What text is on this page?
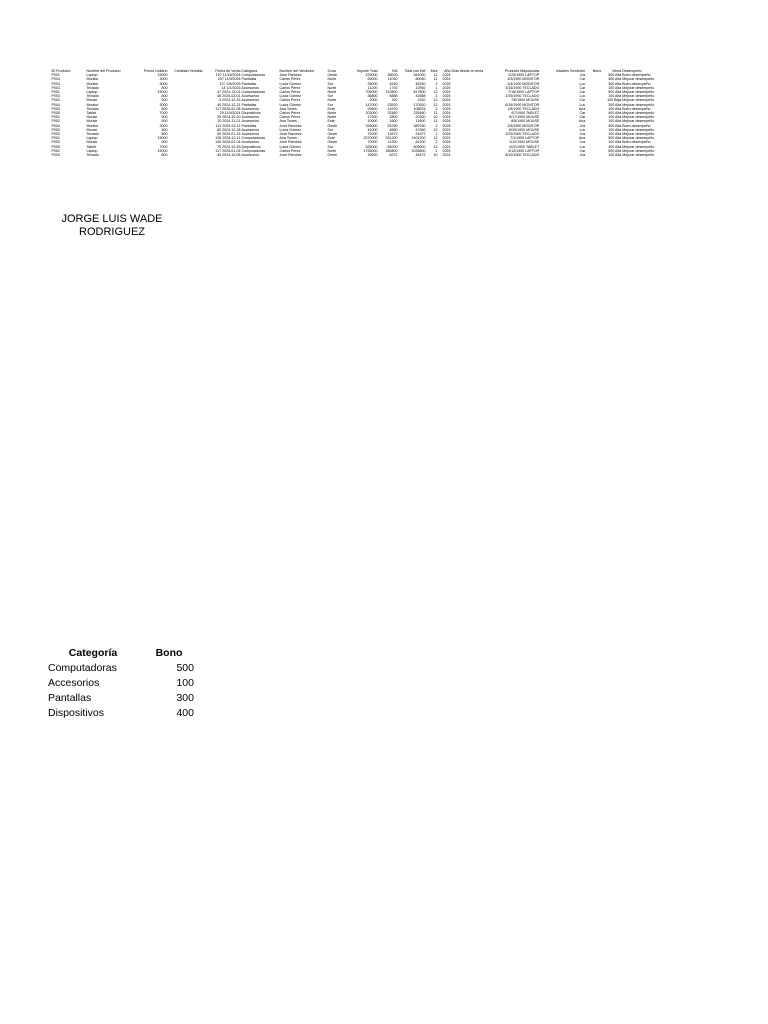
ID Producto	Nombre del Producto	Precio Unitario	Cantidad Vendida	Fecha de Venta	Categoría	Nombre del Vendedor	Zona	Importe Total	IVA	Total con IVA	Mes	Año	Días desde la venta	Producto Mayúsculas	Iniciales Vendedor	Bono	Venta	Desempeño
P001	Laptop	15000		15? 11/15/2024	Computadoras	José Ramírez	Oeste	225000	36000	261000	11	2024		2/25/1900 LAPTOP	Jos		500 Alta	Buen desempeño
P004	Monitor	3000		23? 11/9/2024	Pantallas	Carlos Pérez	Norte	69000	11040	80040	11	2024		4/3/1900 MONITOR	Car		300 Alta	Mejorar desempeño
P004	Monitor	3000		13? 2/8/2025	Pantallas	Lucía Gómez	Sur	39000	6240	45240	2	2025		1/4/1900 MONITOR	Luc		300 Alta	Buen desempeño
P003	Teclado	800		14 1/1/2025	Accesorios	Carlos Pérez	Norte	11200	1792	12992	1	2025		4/15/1900 TECLADO	Car		100 Alta	Mejorar desempeño
P001	Laptop	15000		47 2024-12-01	Computadoras	Carlos Pérez	Norte	705000	112800	817800	12	2024		7/16/1900 LAPTOP	Car		500 Alta	Mejorar desempeño
P003	Teclado	800		46 2025-02-01	Accesorios	Lucía Gómez	Sur	36800	5888	42688	2	2025		1/15/1900 TECLADO	Luc		100 Alta	Mejorar desempeño
P002	Mouse	500		4 2024-12-15	Accesorios	Carlos Pérez	Norte	2000	320	2320	12	2024		7/6/1900 MOUSE	Car		100 Baja	Mejorar desempeño
P004	Monitor	3000		49 2024-12-21	Pantallas	Lucía Gómez	Sur	147000	23520	170520	12	2024		6/16/1900 MONITOR	Luc		300 Alta	Mejorar desempeño
P003	Teclado	800		117 2025-02-08	Accesorios	Ana Torres	Este	93600	14976	108576	2	2025		1/8/1900 TECLADO	Ana		100 Alta	Buen desempeño
P005	Tablet	7000		29 11/9/2024	Dispositivos	Carlos Pérez	Norte	203000	32480	235480	11	2024		4/7/1900 TABLET	Car		400 Alta	Mejorar desempeño
P002	Mouse	500		35 2024-10-20	Accesorios	Carlos Pérez	Norte	17500	2800	20300	10	2024		8/17/1900 MOUSE	Car		100 Alta	Mejorar desempeño
P002	Mouse	500		20 2024-11-21	Accesorios	Ana Torres	Este	10000	1600	11600	11	2024		8/5/1900 MOUSE	Ana		100 Alta	Mejorar desempeño
P004	Monitor	3000		112 2025-02-11	Pantallas	José Ramírez	Oeste	336000	53760	389760	2	2025		1/5/1900 MONITOR	Jos		300 Alta	Buen desempeño
P002	Mouse	500		82 2024-12-28	Accesorios	Lucía Gómez	Sur	41000	6560	47560	12	2024		8/29/1900 MOUSE	Luc		100 Alta	Mejorar desempeño
P003	Teclado	800		99 2025-01-16	Accesorios	José Ramírez	Oeste	79200	12672	91872	1	2025		1/29/1900 TECLADO	Jos		100 Alta	Mejorar desempeño
P001	Laptop	15000		138 2024-12-11	Computadoras	Ana Torres	Este	2070000	331200	2401200	12	2024		7/1/1900 LAPTOP	Ana		500 Alta	Mejorar desempeño
P002	Mouse	500		140 2025-02-04	Accesorios	José Ramírez	Oeste	70000	11200	81200	2	2025		1/12/1900 MOUSE	Jos		100 Alta	Buen desempeño
P005	Tablet	7000		75 2024-12-25	Dispositivos	Lucía Gómez	Sur	525000	84000	609000	12	2024		4/22/1900 TABLET	Luc		400 Alta	Mejorar desempeño
P001	Laptop	15000		117 2025-01-04	Computadoras	Carlos Pérez	Norte	1755000	280800	2035800	1	2025		4/12/1900 LAPTOP	Car		500 Alta	Mejorar desempeño
P003	Teclado	800		49 2024-10-08	Accesorios	José Ramírez	Oeste	39200	6272	45472	10	2024		8/19/1900 TECLADO	Jos		100 Alta	Mejorar desempeño
JORGE LUIS WADE
RODRIGUEZ
Categoría	Bono
Computadoras	500
Accesorios	100
Pantallas	300
Dispositivos	400
